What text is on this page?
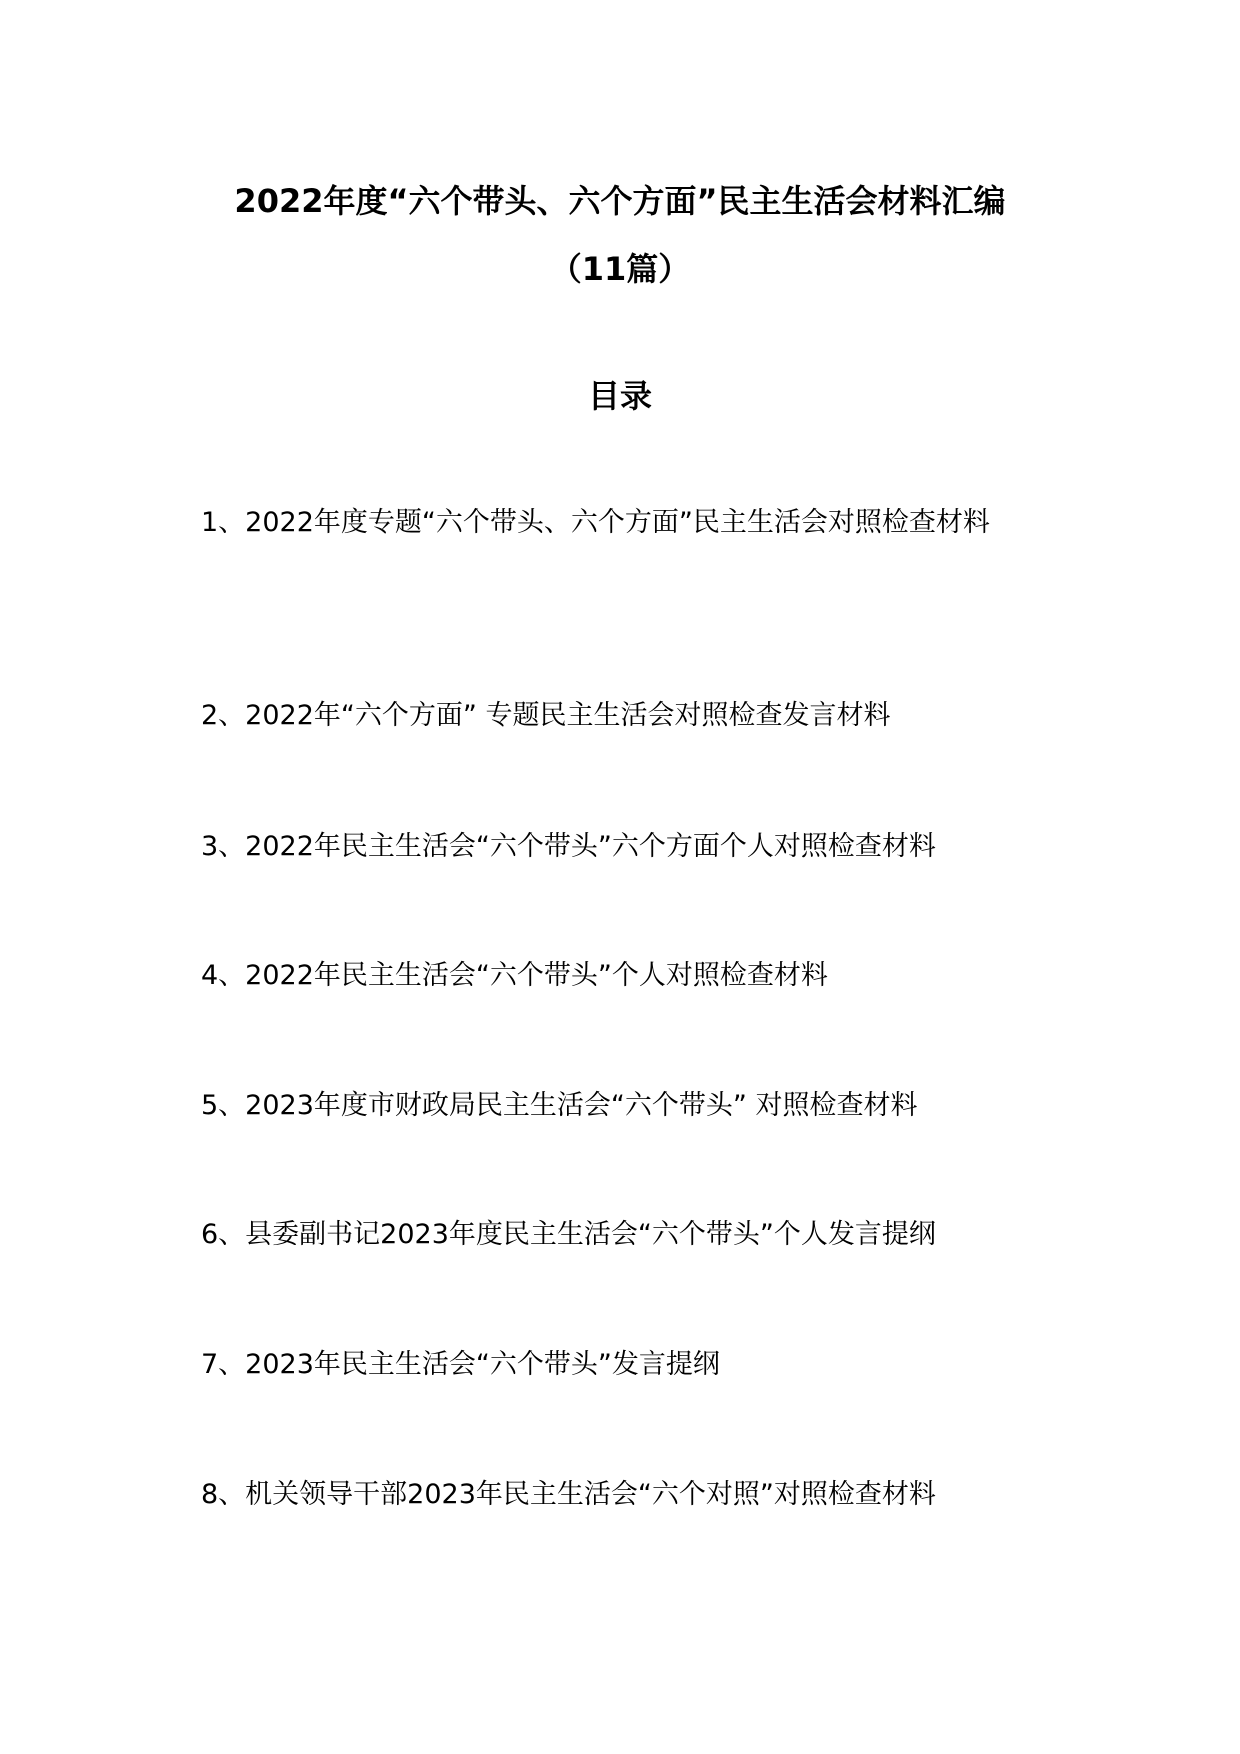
2022年度“六个带头、六个方面”民主生活会材料汇编
（11篇）
目录
1、2022年度专题“六个带头、六个方面”民主生活会对照检查材料
2、2022年“六个方面” 专题民主生活会对照检查发言材料
3、2022年民主生活会“六个带头”六个方面个人对照检查材料
4、2022年民主生活会“六个带头”个人对照检查材料
5、2023年度市财政局民主生活会“六个带头” 对照检查材料
6、县委副书记2023年度民主生活会“六个带头”个人发言提纲
7、2023年民主生活会“六个带头”发言提纲
8、机关领导干部2023年民主生活会“六个对照”对照检查材料
